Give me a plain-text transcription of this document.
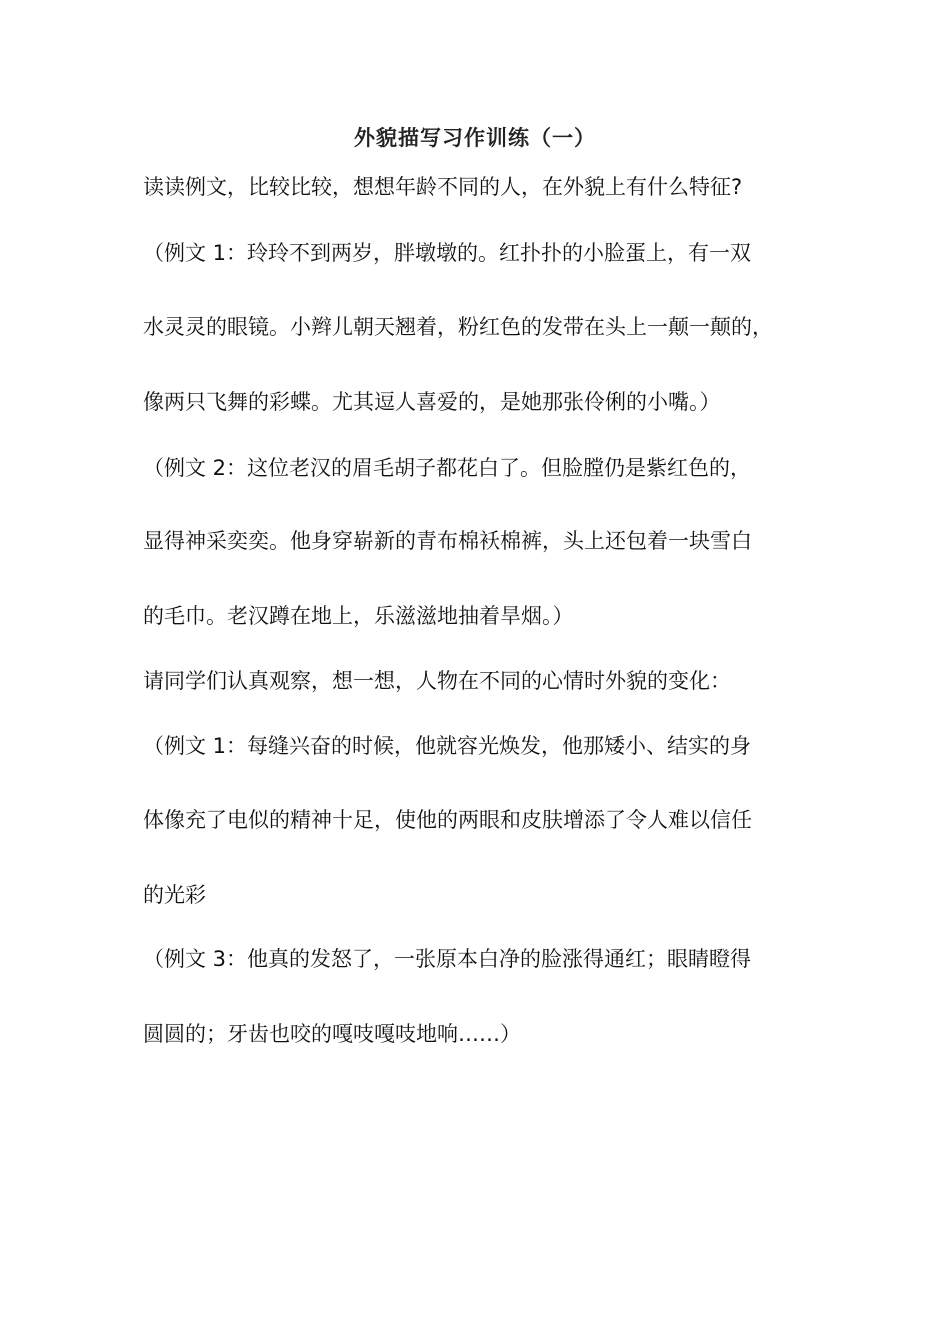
外貌描写习作训练（一）

读读例文，比较比较，想想年龄不同的人，在外貌上有什么特征?

（例文 1：玲玲不到两岁，胖墩墩的。红扑扑的小脸蛋上，有一双

水灵灵的眼镜。小辫儿朝天翘着，粉红色的发带在头上一颠一颠的，

像两只飞舞的彩蝶。尤其逗人喜爱的，是她那张伶俐的小嘴。）

（例文 2：这位老汉的眉毛胡子都花白了。但脸膛仍是紫红色的，

显得神采奕奕。他身穿崭新的青布棉袄棉裤，头上还包着一块雪白

的毛巾。老汉蹲在地上，乐滋滋地抽着旱烟。）

请同学们认真观察，想一想，人物在不同的心情时外貌的变化：

（例文 1：每缝兴奋的时候，他就容光焕发，他那矮小、结实的身

体像充了电似的精神十足，使他的两眼和皮肤增添了令人难以信任

的光彩

（例文 3：他真的发怒了，一张原本白净的脸涨得通红；眼睛瞪得

圆圆的；牙齿也咬的嘎吱嘎吱地响……）
